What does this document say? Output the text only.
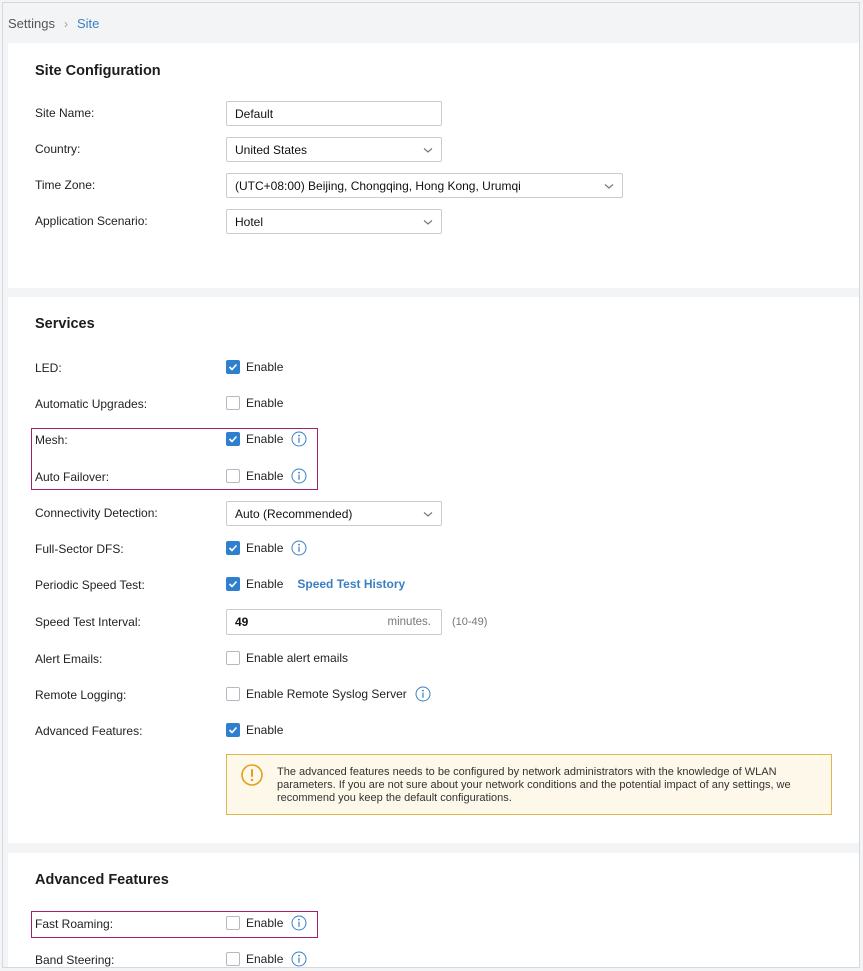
Settings › Site
Site Configuration
Site Name:	Default
Country:	United States
Time Zone:	(UTC+08:00) Beijing, Chongqing, Hong Kong, Urumqi
Application Scenario:	Hotel
Services
LED:	Enable
Automatic Upgrades:	Enable
Mesh:	Enable
Auto Failover:	Enable
Connectivity Detection:	Auto (Recommended)
Full-Sector DFS:	Enable
Periodic Speed Test:	Enable Speed Test History
Speed Test Interval:	49	minutes. (10-49)
Alert Emails:	Enable alert emails
Remote Logging:	Enable Remote Syslog Server
Advanced Features:	Enable
The advanced features needs to be configured by network administrators with the knowledge of WLAN parameters. If you are not sure about your network conditions and the potential impact of any settings, we recommend you keep the default configurations.
Advanced Features
Fast Roaming:	Enable
Band Steering:	Enable
